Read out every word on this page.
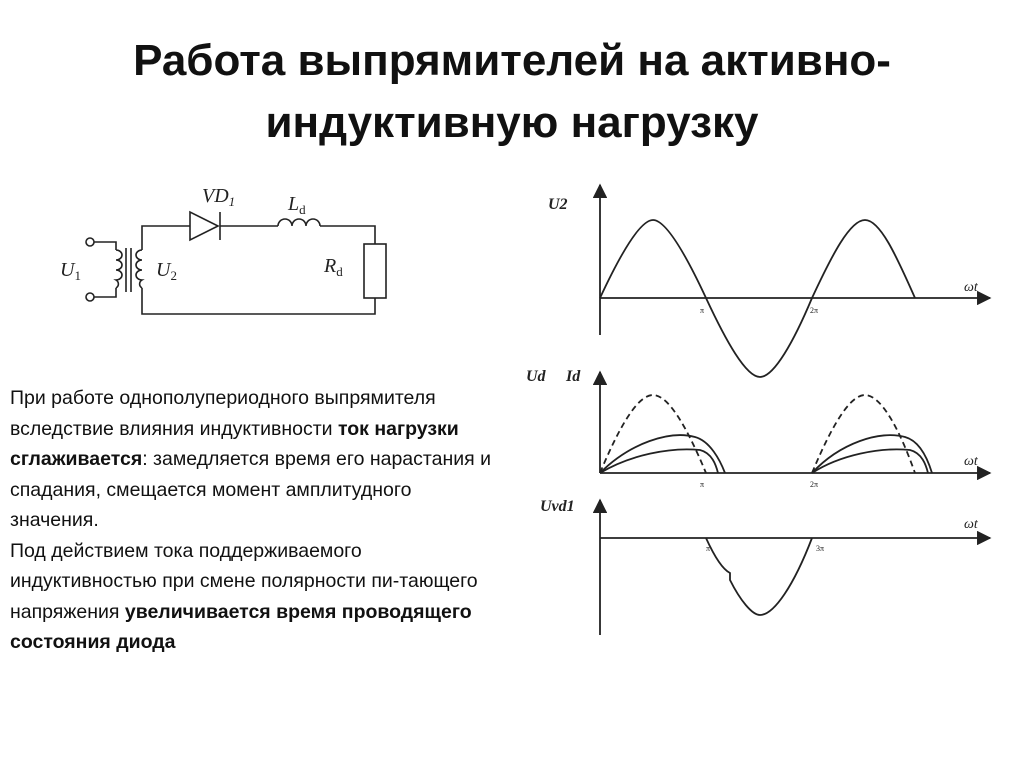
Работа выпрямителей на активно-
индуктивную нагрузку
$VD_1$	$L_d$
$R_d$
$U_1$	$U_2$
При работе однополупериодного выпрямителя вследствие влияния индуктивности ток нагрузки сглаживается: замедляется время его нарастания и спадания, смещается момент амплитудного значения.
Под действием тока поддерживаемого индуктивностью при смене полярности пи-тающего напряжения увеличивается время проводящего состояния диода
U2
ωt
π	2π
Ud Id
ωt
π	2π
Uvd1
ωt
π	3π
